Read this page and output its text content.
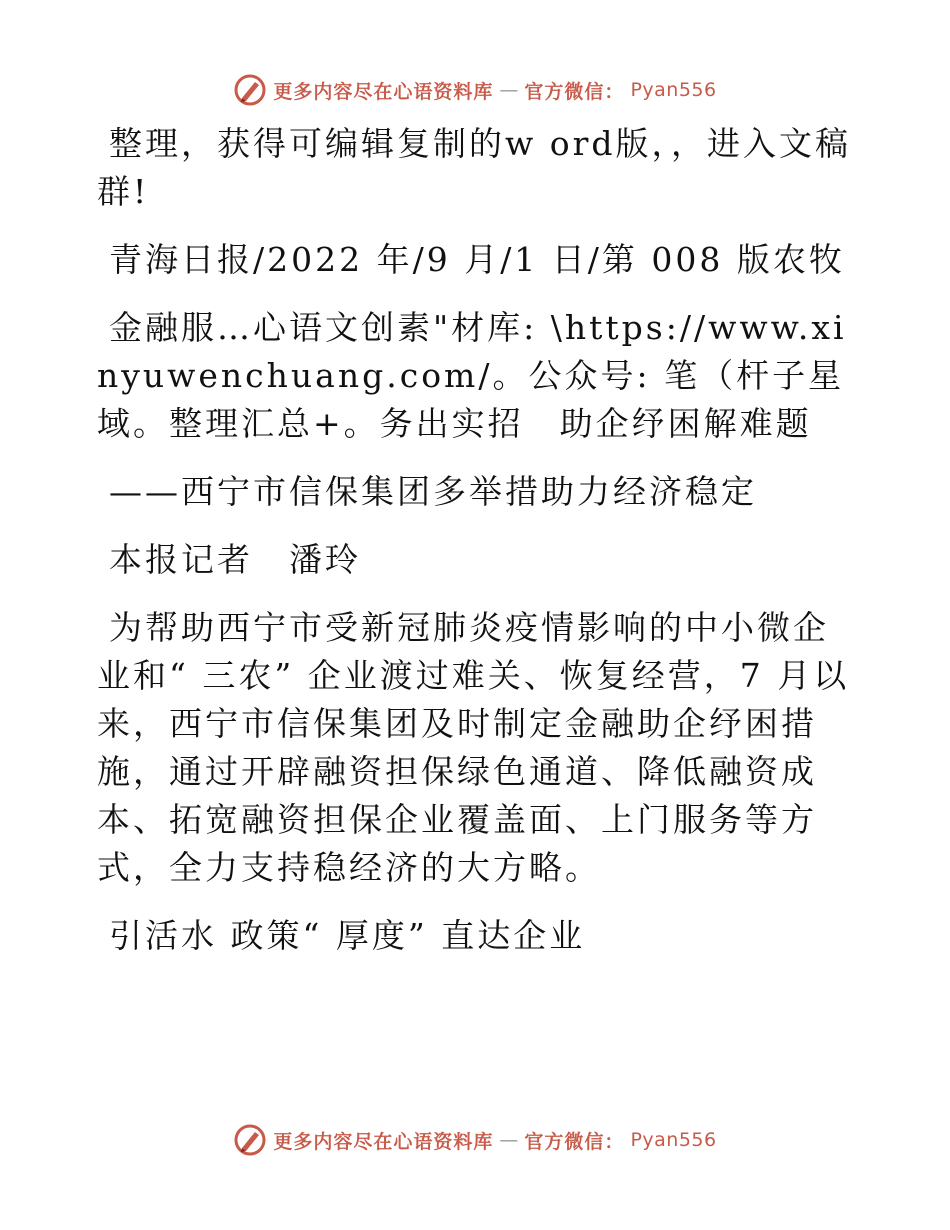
更多内容尽在心语资料库 — 官方微信： Pyan556

整理，获得可编辑复制的w ord版，，进入文稿群!

青海日报/2022 年/9 月/1 日/第 008 版农牧

金融服…心语文创素"材库: \https://www.xinyuwenchuang.com/。公众号: 笔（杆子星域。整理汇总+。务出实招　助企纾困解难题

——西宁市信保集团多举措助力经济稳定

本报记者　潘玲

为帮助西宁市受新冠肺炎疫情影响的中小微企业和“ 三农” 企业渡过难关、恢复经营，7 月以来，西宁市信保集团及时制定金融助企纾困措施，通过开辟融资担保绿色通道、降低融资成本、拓宽融资担保企业覆盖面、上门服务等方式，全力支持稳经济的大方略。

引活水 政策“ 厚度” 直达企业

更多内容尽在心语资料库 — 官方微信： Pyan556
